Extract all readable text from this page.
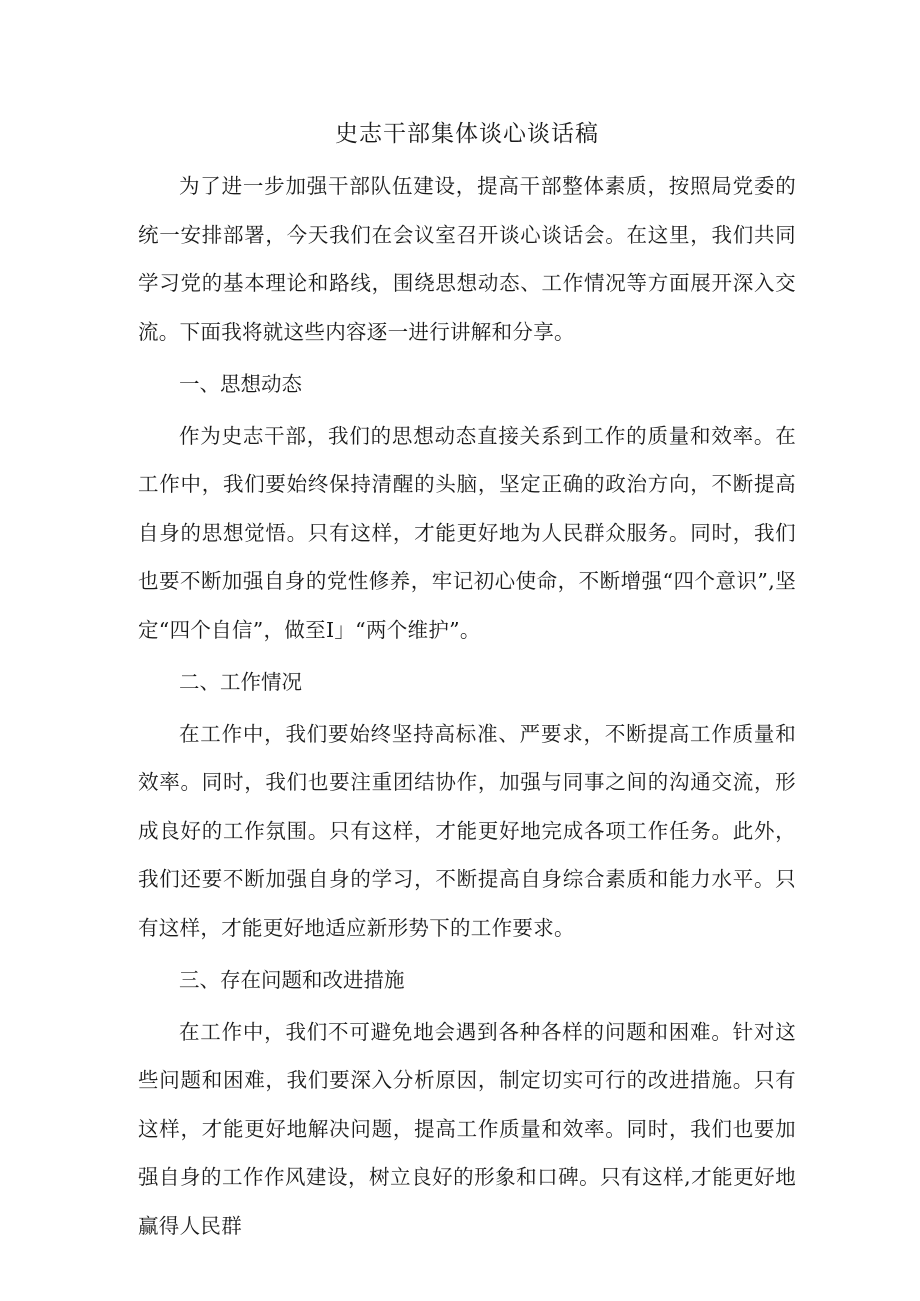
史志干部集体谈心谈话稿

为了进一步加强干部队伍建设，提高干部整体素质，按照局党委的统一安排部署，今天我们在会议室召开谈心谈话会。在这里，我们共同学习党的基本理论和路线，围绕思想动态、工作情况等方面展开深入交流。下面我将就这些内容逐一进行讲解和分享。

一、思想动态

作为史志干部，我们的思想动态直接关系到工作的质量和效率。在工作中，我们要始终保持清醒的头脑，坚定正确的政治方向，不断提高自身的思想觉悟。只有这样，才能更好地为人民群众服务。同时，我们也要不断加强自身的党性修养，牢记初心使命，不断增强“四个意识”,坚定“四个自信”，做至I」“两个维护”。

二、工作情况

在工作中，我们要始终坚持高标准、严要求，不断提高工作质量和效率。同时，我们也要注重团结协作，加强与同事之间的沟通交流，形成良好的工作氛围。只有这样，才能更好地完成各项工作任务。此外，我们还要不断加强自身的学习，不断提高自身综合素质和能力水平。只有这样，才能更好地适应新形势下的工作要求。

三、存在问题和改进措施

在工作中，我们不可避免地会遇到各种各样的问题和困难。针对这些问题和困难，我们要深入分析原因，制定切实可行的改进措施。只有这样，才能更好地解决问题，提高工作质量和效率。同时，我们也要加强自身的工作作风建设，树立良好的形象和口碑。只有这样,才能更好地赢得人民群
